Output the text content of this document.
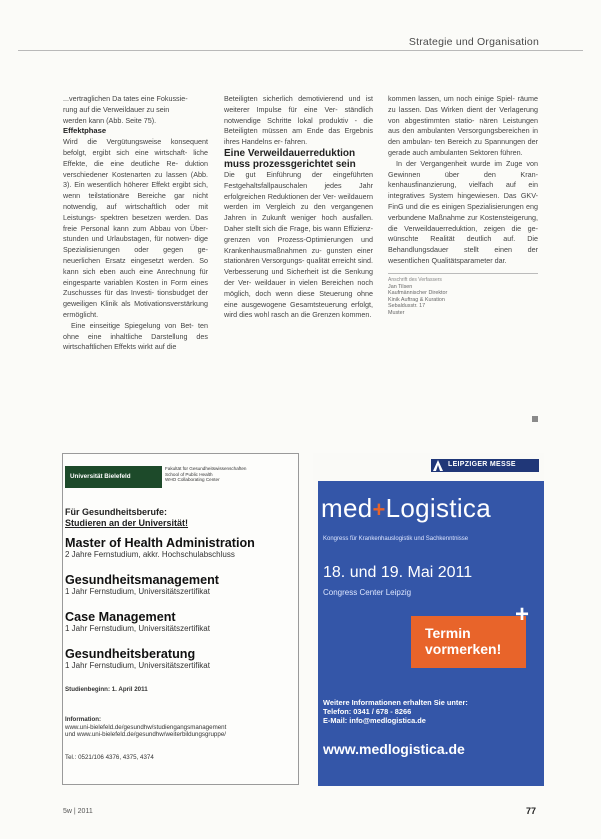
Strategie und Organisation

...vertraglichen Da tates eine Fokussie-

rung auf die Verweildauer zu sein

werden kann (Abb. Seite 75).

Effektphase

Wird die Vergütungsweise konsequent befolgt, ergibt sich eine wirtschaft- liche Effekte, die eine deutliche Re- duktion verschiedener Kostenarten zu lassen (Abb. 3). Ein wesentlich höherer Effekt ergibt sich, wenn teilstationäre Bereiche gar nicht notwendig, auf wirtschaftlich oder mit Leistungs- spektren besetzen werden. Das freie Personal kann zum Abbau von Über- stunden und Urlaubstagen, für notwen- dige Spezialisierungen oder gegen ge- neuerlichen Ersatz eingesetzt werden. So kann sich eben auch eine Anrechnung für eingesparte variablen Kosten in Form eines Zuschusses für das Investi- tionsbudget der geweiligen Klinik als Motivationsverstärkung ermöglicht.

Eine einseitige Spiegelung von Bet- ten ohne eine inhaltliche Darstellung des wirtschaftlichen Effekts wirkt auf die

Beteiligten sicherlich demotivierend und ist weiterer Impulse für eine Ver- ständlich notwendige Schritte lokal produktiv - die Beteiligten müssen am Ende das Ergebnis ihres Handelns er- fahren.

Eine Verweildauerreduktion muss prozessgerichtet sein

Die gut Einführung der eingeführten Festgehaltsfallpauschalen jedes Jahr erfolgreichen Reduktionen der Ver- weildauern werden im Vergleich zu den vergangenen Jahren in Zukunft weniger hoch ausfallen. Daher stellt sich die Frage, bis wann Effizienz- grenzen von Prozess-Optimierungen und Krankenhausmaßnahmen zu- gunsten einer stationären Versorgungs- qualität erreicht sind. Verbesserung und Sicherheit ist die Senkung der Ver- weildauer in vielen Bereichen noch möglich, doch wenn diese Steuerung ohne eine ausgewogene Gesamtsteuerung erfolgt, wird dies wohl rasch an die Grenzen kommen.

kommen lassen, um noch einige Spiel- räume zu lassen. Das Wirken dient der Verlagerung von abgestimmten statio- nären Leistungen aus den ambulanten Versorgungsbereichen in den ambulan- ten Bereich zu Spannungen der gerade auch ambulanten Sektoren führen.

In der Vergangenheit wurde im Zuge von Gewinnen über den Kran- kenhausfinanzierung, vielfach auf ein integratives System hingewiesen. Das GKV-FinG und die es einigen Spezialisierungen eng verbundene Maßnahme zur Kostensteigerung, die Verweildauerreduktion, zeigen die ge- wünschte Realität deutlich auf. Die Behandlungsdauer stellt einen der wesentlichen Qualitätsparameter dar.

Anschrift des Verfassers
Jan Tilsen
Kaufmännischer Direktor
Kinik Auftrag & Kuration
Sebaldusstr. 17
Muster
Universität Bielefeld
Fakultät für Gesundheitswissenschaften
School of Public Health
WHO Collaborating Center
Für Gesundheitsberufe:
Studieren an der Universität!
Master of Health Administration
2 Jahre Fernstudium, akkr. Hochschulabschluss
Gesundheitsmanagement
1 Jahr Fernstudium, Universitätszertifikat
Case Management
1 Jahr Fernstudium, Universitätszertifikat
Gesundheitsberatung
1 Jahr Fernstudium, Universitätszertifikat
Studienbeginn: 1. April 2011
Information:
www.uni-bielefeld.de/gesundhw/studiengangsmanagement
und www.uni-bielefeld.de/gesundhw/weiterbildungsgruppe/
Tel.: 0521/106 4376, 4375, 4374
LEIPZIGER MESSE
med+Logistica
Kongress für Krankenhauslogistik und Sachkenntnisse
18. und 19. Mai 2011
Congress Center Leipzig
+
Termin
vormerken!
Weitere Informationen erhalten Sie unter:
Telefon: 0341 / 678 - 8266
E-Mail: info@medlogistica.de
www.medlogistica.de
5w | 2011	77
